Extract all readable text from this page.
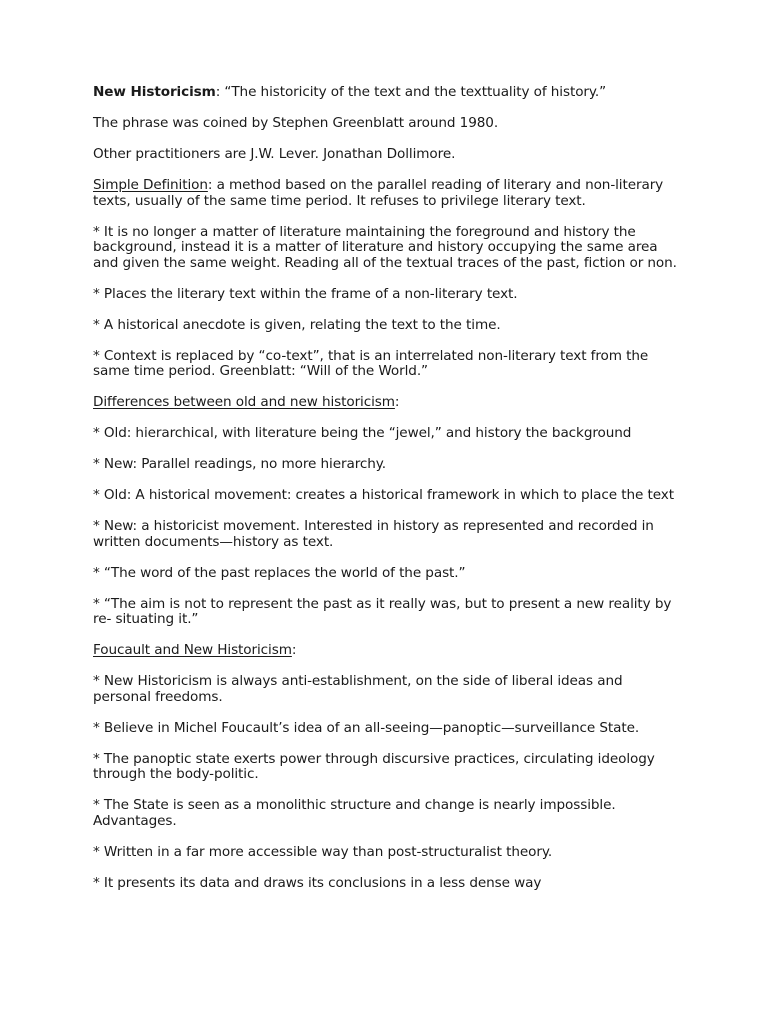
New Historicism: “The historicity of the text and the texttuality of history.”

The phrase was coined by Stephen Greenblatt around 1980.

Other practitioners are J.W. Lever. Jonathan Dollimore.

Simple Definition: a method based on the parallel reading of literary and non-literary texts, usually of the same time period. It refuses to privilege literary text.

* It is no longer a matter of literature maintaining the foreground and history the background, instead it is a matter of literature and history occupying the same area and given the same weight. Reading all of the textual traces of the past, fiction or non.

* Places the literary text within the frame of a non-literary text.

* A historical anecdote is given, relating the text to the time.

* Context is replaced by “co-text”, that is an interrelated non-literary text from the same time period. Greenblatt: “Will of the World.”

Differences between old and new historicism:

* Old: hierarchical, with literature being the “jewel,” and history the background

* New: Parallel readings, no more hierarchy.

* Old: A historical movement: creates a historical framework in which to place the text

* New: a historicist movement. Interested in history as represented and recorded in written documents—history as text.

* “The word of the past replaces the world of the past.”

* “The aim is not to represent the past as it really was, but to present a new reality by re- situating it.”

Foucault and New Historicism:

* New Historicism is always anti-establishment, on the side of liberal ideas and personal freedoms.

* Believe in Michel Foucault’s idea of an all-seeing—panoptic—surveillance State.

* The panoptic state exerts power through discursive practices, circulating ideology through the body-politic.

* The State is seen as a monolithic structure and change is nearly impossible. Advantages.

* Written in a far more accessible way than post-structuralist theory.

* It presents its data and draws its conclusions in a less dense way
